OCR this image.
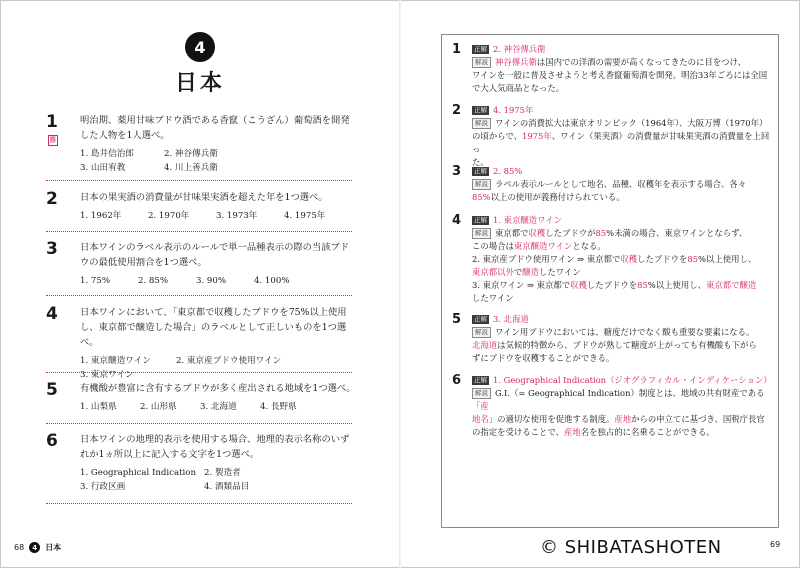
4
日本
1
難
明治期、薬用甘味ブドウ酒である香竄（こうざん）葡萄酒を開発した人物を1人選べ。
1. 島井信治郎	2. 神谷傳兵衛
3. 山田宥教	4. 川上善兵衛
2 日本の果実酒の消費量が甘味果実酒を超えた年を1つ選べ。
1. 1962年	2. 1970年	3. 1973年	4. 1975年
3 日本ワインのラベル表示のルールで単一品種表示の際の当該ブドウの最低使用割合を1つ選べ。
1. 75%	2. 85%	3. 90%	4. 100%
4 日本ワインにおいて、「東京都で収穫したブドウを75%以上使用し、東京都で醸造した場合」のラベルとして正しいものを1つ選べ。
1. 東京醸造ワイン	2. 東京産ブドウ使用ワイン
3. 東京ワイン
5 有機酸が豊富に含有するブドウが多く産出される地域を1つ選べ。
1. 山梨県	2. 山形県	3. 北海道	4. 長野県
6 日本ワインの地理的表示を使用する場合、地理的表示名称のいずれか1ヵ所以上に記入する文字を1つ選べ。
1. Geographical Indication 2. 製造者
3. 行政区画	4. 酒類品目
68	4	日本
1	正解 2. 神谷傳兵衛
解説 神谷傳兵衛は国内での洋酒の需要が高くなってきたのに目をつけ、
ワインを一般に普及させようと考え香竄葡萄酒を開発。明治33年ごろには全国
で大人気商品となった。
2	正解 4. 1975年
解説 ワインの消費拡大は東京オリンピック（1964年）、大阪万博（1970年）
の頃からで、1975年、ワイン（果実酒）の消費量が甘味果実酒の消費量を上回っ
た。
3	正解 2. 85%
解説 ラベル表示ルールとして地名、品種、収穫年を表示する場合、各々
85%以上の使用が義務付けられている。
4	正解 1. 東京醸造ワイン
解説 東京都で収穫したブドウが85%未満の場合、東京ワインとならず、
この場合は東京醸造ワインとなる。
2. 東京産ブドウ使用ワイン ⇒ 東京都で収穫したブドウを85%以上使用し、
東京都以外で醸造したワイン
3. 東京ワイン ⇒ 東京都で収穫したブドウを85%以上使用し、東京都で醸造
したワイン
5	正解 3. 北海道
解説 ワイン用ブドウにおいては、糖度だけでなく酸も重要な要素になる。
北海道は気候的特徴から、ブドウが熟して糖度が上がっても有機酸も下がら
ずにブドウを収穫することができる。
6	正解 1. Geographical Indication（ジオグラフィカル・インディケーション）
解説 G.I.（= Geographical Indication）制度とは、地域の共有財産である「産
地名」の適切な使用を促進する制度。産地からの申立てに基づき、国税庁長官
の指定を受けることで、産地名を独占的に名乗ることができる。
© SHIBATASHOTEN	69
